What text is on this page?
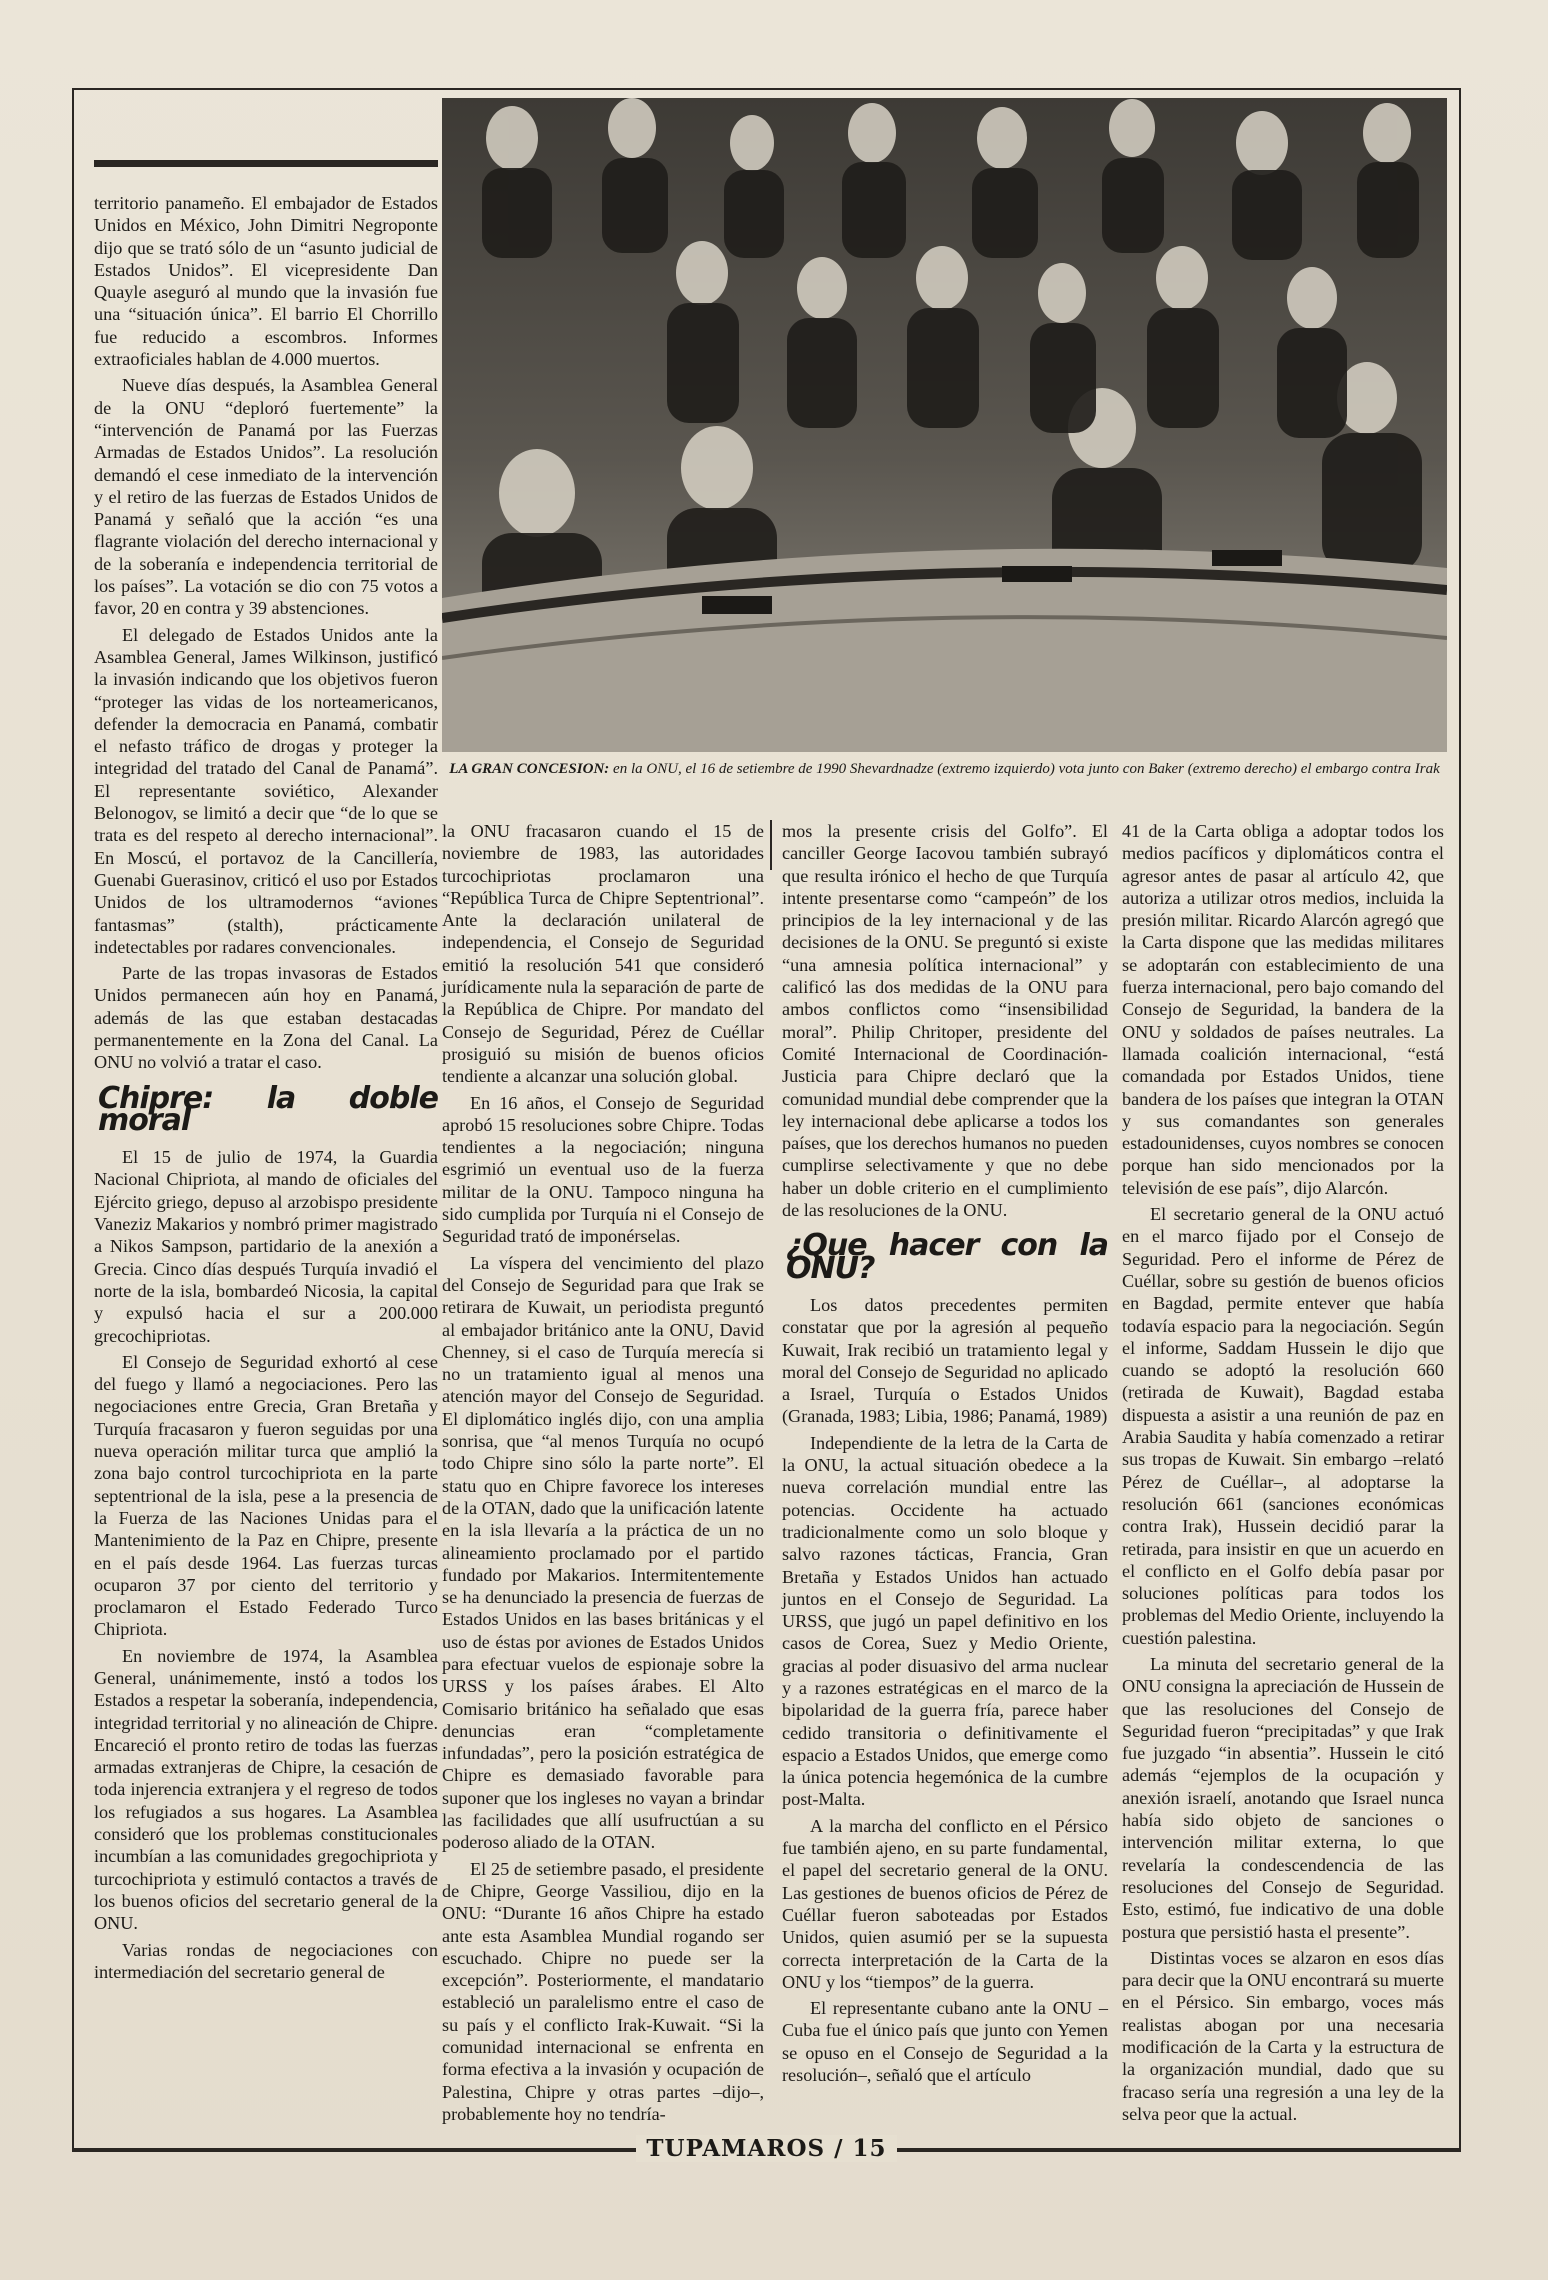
territorio panameño. El embajador de Estados Unidos en México, John Dimitri Negroponte dijo que se trató sólo de un “asunto judicial de Estados Unidos”. El vicepresidente Dan Quayle aseguró al mundo que la invasión fue una “situación única”. El barrio El Chorrillo fue reducido a escombros. Informes extraoficiales hablan de 4.000 muertos.

Nueve días después, la Asamblea General de la ONU “deploró fuertemente” la “intervención de Panamá por las Fuerzas Armadas de Estados Unidos”. La resolución demandó el cese inmediato de la intervención y el retiro de las fuerzas de Estados Unidos de Panamá y señaló que la acción “es una flagrante violación del derecho internacional y de la soberanía e independencia territorial de los países”. La votación se dio con 75 votos a favor, 20 en contra y 39 abstenciones.

El delegado de Estados Unidos ante la Asamblea General, James Wilkinson, justificó la invasión indicando que los objetivos fueron “proteger las vidas de los norteamericanos, defender la democracia en Panamá, combatir el nefasto tráfico de drogas y proteger la integridad del tratado del Canal de Panamá”. El representante soviético, Alexander Belonogov, se limitó a decir que “de lo que se trata es del respeto al derecho internacional”. En Moscú, el portavoz de la Cancillería, Guenabi Guerasinov, criticó el uso por Estados Unidos de los ultramodernos “aviones fantasmas” (stalth), prácticamente indetectables por radares convencionales.

Parte de las tropas invasoras de Estados Unidos permanecen aún hoy en Panamá, además de las que estaban destacadas permanentemente en la Zona del Canal. La ONU no volvió a tratar el caso.

Chipre: la doble moral

El 15 de julio de 1974, la Guardia Nacional Chipriota, al mando de oficiales del Ejército griego, depuso al arzobispo presidente Vaneziz Makarios y nombró primer magistrado a Nikos Sampson, partidario de la anexión a Grecia. Cinco días después Turquía invadió el norte de la isla, bombardeó Nicosia, la capital y expulsó hacia el sur a 200.000 grecochipriotas.

El Consejo de Seguridad exhortó al cese del fuego y llamó a negociaciones. Pero las negociaciones entre Grecia, Gran Bretaña y Turquía fracasaron y fueron seguidas por una nueva operación militar turca que amplió la zona bajo control turcochipriota en la parte septentrional de la isla, pese a la presencia de la Fuerza de las Naciones Unidas para el Mantenimiento de la Paz en Chipre, presente en el país desde 1964. Las fuerzas turcas ocuparon 37 por ciento del territorio y proclamaron el Estado Federado Turco Chipriota.

En noviembre de 1974, la Asamblea General, unánimemente, instó a todos los Estados a respetar la soberanía, independencia, integridad territorial y no alineación de Chipre. Encareció el pronto retiro de todas las fuerzas armadas extranjeras de Chipre, la cesación de toda injerencia extranjera y el regreso de todos los refugiados a sus hogares. La Asamblea consideró que los problemas constitucionales incumbían a las comunidades gregochipriota y turcochipriota y estimuló contactos a través de los buenos oficios del secretario general de la ONU.

Varias rondas de negociaciones con intermediación del secretario general de

LA GRAN CONCESION: en la ONU, el 16 de setiembre de 1990 Shevardnadze (extremo izquierdo) vota junto con Baker (extremo derecho) el embargo contra Irak

la ONU fracasaron cuando el 15 de noviembre de 1983, las autoridades turcochipriotas proclamaron una “República Turca de Chipre Septentrional”. Ante la declaración unilateral de independencia, el Consejo de Seguridad emitió la resolución 541 que consideró jurídicamente nula la separación de parte de la República de Chipre. Por mandato del Consejo de Seguridad, Pérez de Cuéllar prosiguió su misión de buenos oficios tendiente a alcanzar una solución global.

En 16 años, el Consejo de Seguridad aprobó 15 resoluciones sobre Chipre. Todas tendientes a la negociación; ninguna esgrimió un eventual uso de la fuerza militar de la ONU. Tampoco ninguna ha sido cumplida por Turquía ni el Consejo de Seguridad trató de imponérselas.

La víspera del vencimiento del plazo del Consejo de Seguridad para que Irak se retirara de Kuwait, un periodista preguntó al embajador británico ante la ONU, David Chenney, si el caso de Turquía merecía si no un tratamiento igual al menos una atención mayor del Consejo de Seguridad. El diplomático inglés dijo, con una amplia sonrisa, que “al menos Turquía no ocupó todo Chipre sino sólo la parte norte”. El statu quo en Chipre favorece los intereses de la OTAN, dado que la unificación latente en la isla llevaría a la práctica de un no alineamiento proclamado por el partido fundado por Makarios. Intermitentemente se ha denunciado la presencia de fuerzas de Estados Unidos en las bases británicas y el uso de éstas por aviones de Estados Unidos para efectuar vuelos de espionaje sobre la URSS y los países árabes. El Alto Comisario británico ha señalado que esas denuncias eran “completamente infundadas”, pero la posición estratégica de Chipre es demasiado favorable para suponer que los ingleses no vayan a brindar las facilidades que allí usufructúan a su poderoso aliado de la OTAN.

El 25 de setiembre pasado, el presidente de Chipre, George Vassiliou, dijo en la ONU: “Durante 16 años Chipre ha estado ante esta Asamblea Mundial rogando ser escuchado. Chipre no puede ser la excepción”. Posteriormente, el mandatario estableció un paralelismo entre el caso de su país y el conflicto Irak-Kuwait. “Si la comunidad internacional se enfrenta en forma efectiva a la invasión y ocupación de Palestina, Chipre y otras partes –dijo–, probablemente hoy no tendría-

mos la presente crisis del Golfo”. El canciller George Iacovou también subrayó que resulta irónico el hecho de que Turquía intente presentarse como “campeón” de los principios de la ley internacional y de las decisiones de la ONU. Se preguntó si existe “una amnesia política internacional” y calificó las dos medidas de la ONU para ambos conflictos como “insensibilidad moral”. Philip Chritoper, presidente del Comité Internacional de Coordinación-Justicia para Chipre declaró que la comunidad mundial debe comprender que la ley internacional debe aplicarse a todos los países, que los derechos humanos no pueden cumplirse selectivamente y que no debe haber un doble criterio en el cumplimiento de las resoluciones de la ONU.

¿Que hacer con la ONU?

Los datos precedentes permiten constatar que por la agresión al pequeño Kuwait, Irak recibió un tratamiento legal y moral del Consejo de Seguridad no aplicado a Israel, Turquía o Estados Unidos (Granada, 1983; Libia, 1986; Panamá, 1989)

Independiente de la letra de la Carta de la ONU, la actual situación obedece a la nueva correlación mundial entre las potencias. Occidente ha actuado tradicionalmente como un solo bloque y salvo razones tácticas, Francia, Gran Bretaña y Estados Unidos han actuado juntos en el Consejo de Seguridad. La URSS, que jugó un papel definitivo en los casos de Corea, Suez y Medio Oriente, gracias al poder disuasivo del arma nuclear y a razones estratégicas en el marco de la bipolaridad de la guerra fría, parece haber cedido transitoria o definitivamente el espacio a Estados Unidos, que emerge como la única potencia hegemónica de la cumbre post-Malta.

A la marcha del conflicto en el Pérsico fue también ajeno, en su parte fundamental, el papel del secretario general de la ONU. Las gestiones de buenos oficios de Pérez de Cuéllar fueron saboteadas por Estados Unidos, quien asumió per se la supuesta correcta interpretación de la Carta de la ONU y los “tiempos” de la guerra.

El representante cubano ante la ONU –Cuba fue el único país que junto con Yemen se opuso en el Consejo de Seguridad a la resolución–, señaló que el artículo

41 de la Carta obliga a adoptar todos los medios pacíficos y diplomáticos contra el agresor antes de pasar al artículo 42, que autoriza a utilizar otros medios, incluida la presión militar. Ricardo Alarcón agregó que la Carta dispone que las medidas militares se adoptarán con establecimiento de una fuerza internacional, pero bajo comando del Consejo de Seguridad, la bandera de la ONU y soldados de países neutrales. La llamada coalición internacional, “está comandada por Estados Unidos, tiene bandera de los países que integran la OTAN y sus comandantes son generales estadounidenses, cuyos nombres se conocen porque han sido mencionados por la televisión de ese país”, dijo Alarcón.

El secretario general de la ONU actuó en el marco fijado por el Consejo de Seguridad. Pero el informe de Pérez de Cuéllar, sobre su gestión de buenos oficios en Bagdad, permite entever que había todavía espacio para la negociación. Según el informe, Saddam Hussein le dijo que cuando se adoptó la resolución 660 (retirada de Kuwait), Bagdad estaba dispuesta a asistir a una reunión de paz en Arabia Saudita y había comenzado a retirar sus tropas de Kuwait. Sin embargo –relató Pérez de Cuéllar–, al adoptarse la resolución 661 (sanciones económicas contra Irak), Hussein decidió parar la retirada, para insistir en que un acuerdo en el conflicto en el Golfo debía pasar por soluciones políticas para todos los problemas del Medio Oriente, incluyendo la cuestión palestina.

La minuta del secretario general de la ONU consigna la apreciación de Hussein de que las resoluciones del Consejo de Seguridad fueron “precipitadas” y que Irak fue juzgado “in absentia”. Hussein le citó además “ejemplos de la ocupación y anexión israelí, anotando que Israel nunca había sido objeto de sanciones o intervención militar externa, lo que revelaría la condescendencia de las resoluciones del Consejo de Seguridad. Esto, estimó, fue indicativo de una doble postura que persistió hasta el presente”.

Distintas voces se alzaron en esos días para decir que la ONU encontrará su muerte en el Pérsico. Sin embargo, voces más realistas abogan por una necesaria modificación de la Carta y la estructura de la organización mundial, dado que su fracaso sería una regresión a una ley de la selva peor que la actual.

TUPAMAROS / 15
